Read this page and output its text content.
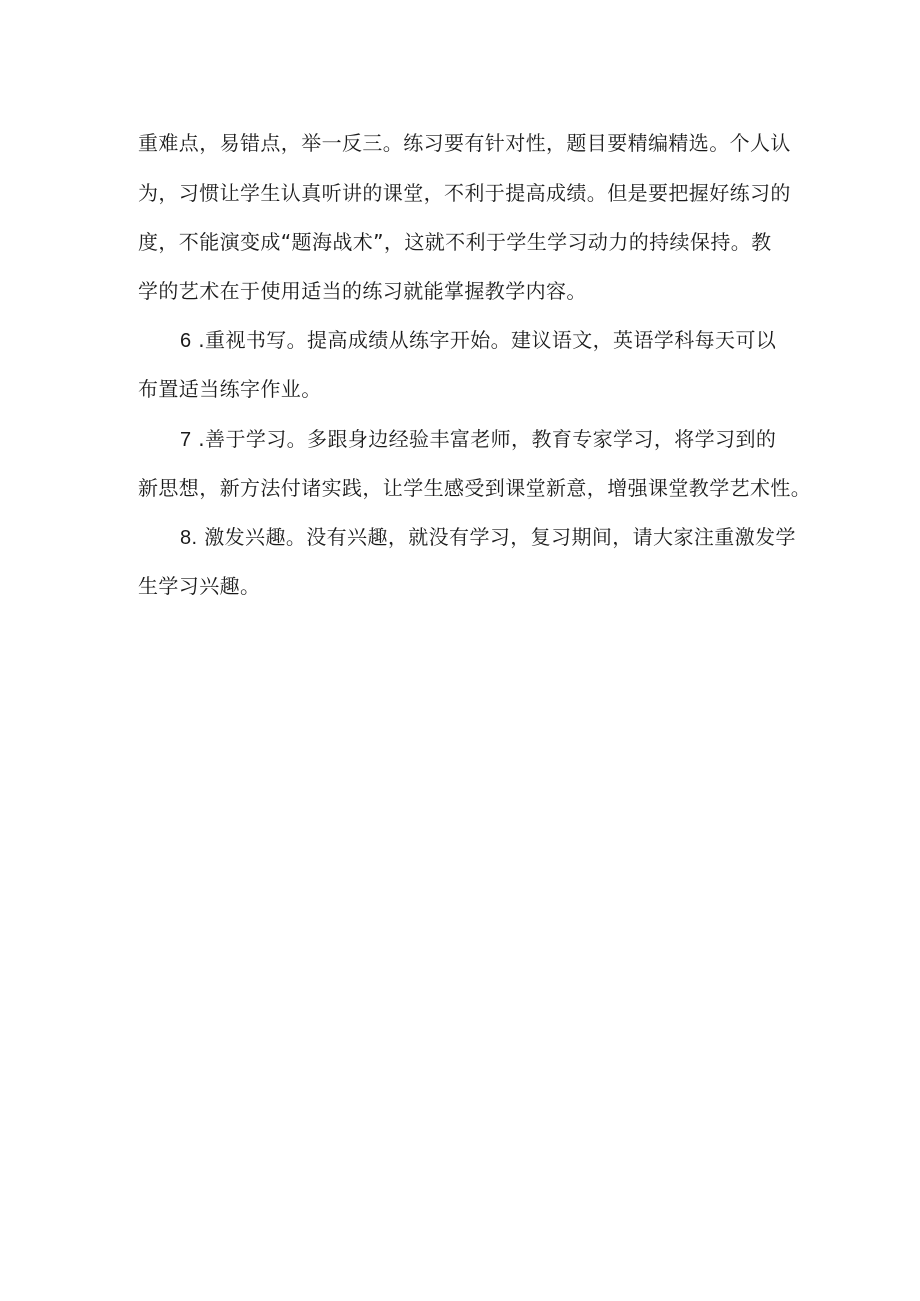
重难点，易错点，举一反三。练习要有针对性，题目要精编精选。个人认
为，习惯让学生认真听讲的课堂，不利于提高成绩。但是要把握好练习的
度，不能演变成“题海战术”，这就不利于学生学习动力的持续保持。教
学的艺术在于使用适当的练习就能掌握教学内容。
6 .重视书写。提高成绩从练字开始。建议语文，英语学科每天可以
布置适当练字作业。
7 .善于学习。多跟身边经验丰富老师，教育专家学习，将学习到的
新思想，新方法付诸实践，让学生感受到课堂新意，增强课堂教学艺术性。
8. 激发兴趣。没有兴趣，就没有学习，复习期间，请大家注重激发学
生学习兴趣。
